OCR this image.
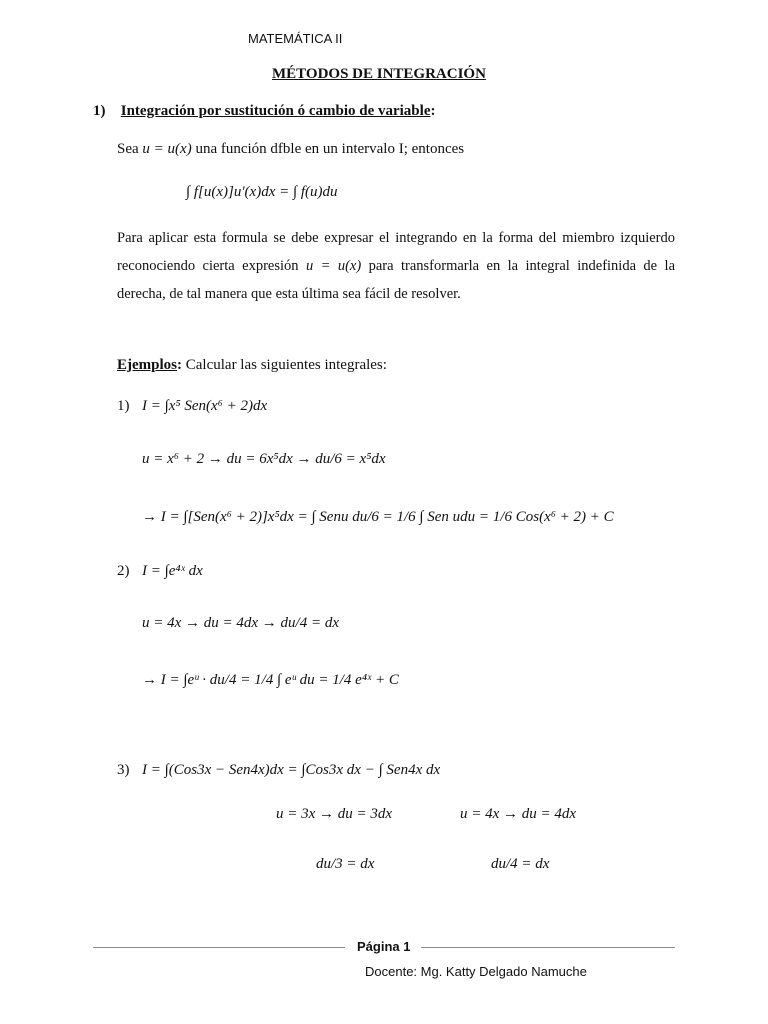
MATEMÁTICA II
MÉTODOS DE INTEGRACIÓN
1) Integración por sustitución ó cambio de variable:
Sea u = u(x) una función dfble en un intervalo I; entonces
∫ f[u(x)]u'(x)dx = ∫ f(u)du
Para aplicar esta formula se debe expresar el integrando en la forma del miembro izquierdo reconociendo cierta expresión u = u(x) para transformarla en la integral indefinida de la derecha, de tal manera que esta última sea fácil de resolver.
Ejemplos: Calcular las siguientes integrales:
1) I = ∫x⁵ Sen(x⁶ + 2)dx
u = x⁶ + 2 → du = 6x⁵dx → du/6 = x⁵dx
→ I = ∫[Sen(x⁶ + 2)]x⁵dx = ∫ Senu du/6 = 1/6 ∫ Sen udu = 1/6 Cos(x⁶ + 2) + C
2) I = ∫e⁴ˣ dx
u = 4x → du = 4dx → du/4 = dx
→ I = ∫eᵘ · du/4 = 1/4 ∫ eᵘ du = 1/4 e⁴ˣ + C
3) I = ∫(Cos3x − Sen4x)dx = ∫Cos3x dx − ∫ Sen4x dx
u = 3x → du = 3dx	u = 4x → du = 4dx
du/3 = dx	du/4 = dx
Página 1
Docente: Mg. Katty Delgado Namuche
